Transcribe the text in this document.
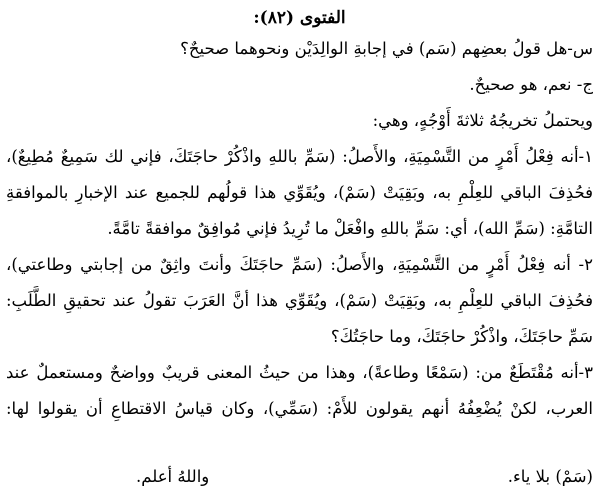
الفتوى (٨٢):
س-هل قولُ بعضِهم (سَم) في إجابةِ الوالِدَيْن ونحوهما صحيحٌ؟
ج- نعم، هو صحيحٌ.
ويحتملُ تخريجُهُ ثلاثةَ أَوْجُهٍ، وهي:
١-أنه فِعْلُ أَمْرٍ من التَّسْمِيَةِ، والأَصلُ: (سَمِّ باللهِ واذْكُرْ حاجَتَكَ، فإني لك سَمِيعٌ مُطِيعٌ)،
فحُذِفَ الباقي للعِلْمِ به، وبَقِيَتْ (سَمْ)، ويُقَوِّي هذا قولُهم للجميع عند الإخبارِ بالموافقةِ
التامَّةِ: (سَمِّ الله)، أي: سَمِّ باللهِ وافْعَلْ ما تُرِيدُ فإني مُوافِقٌ موافقةً تامَّةً.
٢- أنه فِعْلُ أَمْرٍ من التَّسْمِيَةِ، والأَصلُ: (سَمِّ حاجَتَكَ وأنتَ واثِقٌ من إجابتي وطاعتي)،
فحُذِفَ الباقي للعِلْمِ به، وبَقِيَتْ (سَمْ)، ويُقَوِّي هذا أنَّ العَرَبَ تقولُ عند تحقيقِ الطَّلَبِ:
سَمِّ حاجَتَكَ، واذْكُرْ حاجَتَكَ، وما حاجَتُكَ؟
٣-أنه مُقْتَطَعٌ من: (سَمْعًا وطاعةً)، وهذا من حيثُ المعنى قريبٌ وواضحٌ ومستعملٌ عند
العرب، لكنْ يُضْعِفُهُ أنهم يقولون للأَمْ: (سَمِّي)، وكان قياسُ الاقتطاعِ أن يقولوا لها:
(سَمْ) بلا ياء.
واللهُ أعلم.
